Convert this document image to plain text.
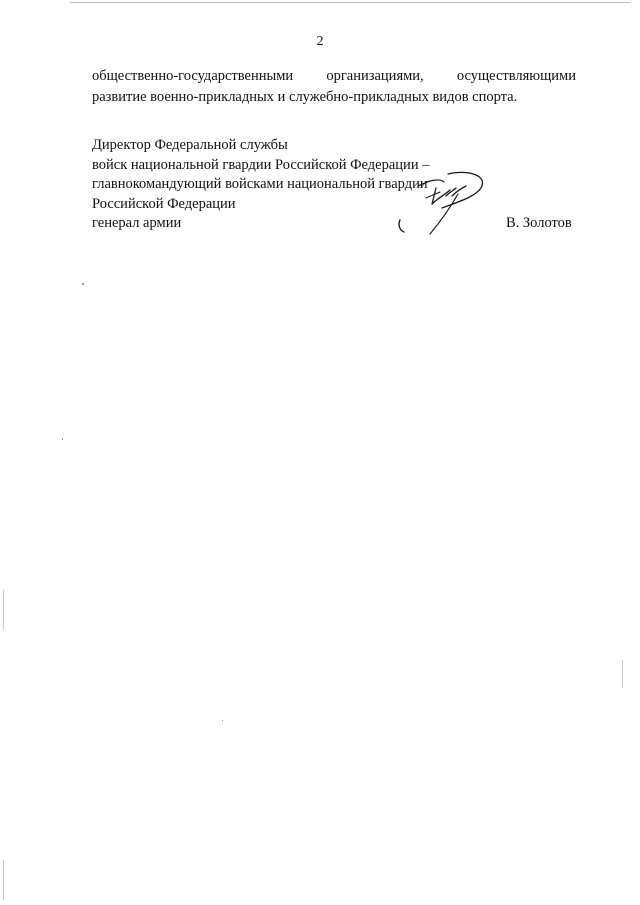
2
общественно-государственными организациями, осуществляющими
развитие военно-прикладных и служебно-прикладных видов спорта.
Директор Федеральной службы
войск национальной гвардии Российской Федерации –
главнокомандующий войсками национальной гвардии
Российской Федерации
генерал армии	В. Золотов
